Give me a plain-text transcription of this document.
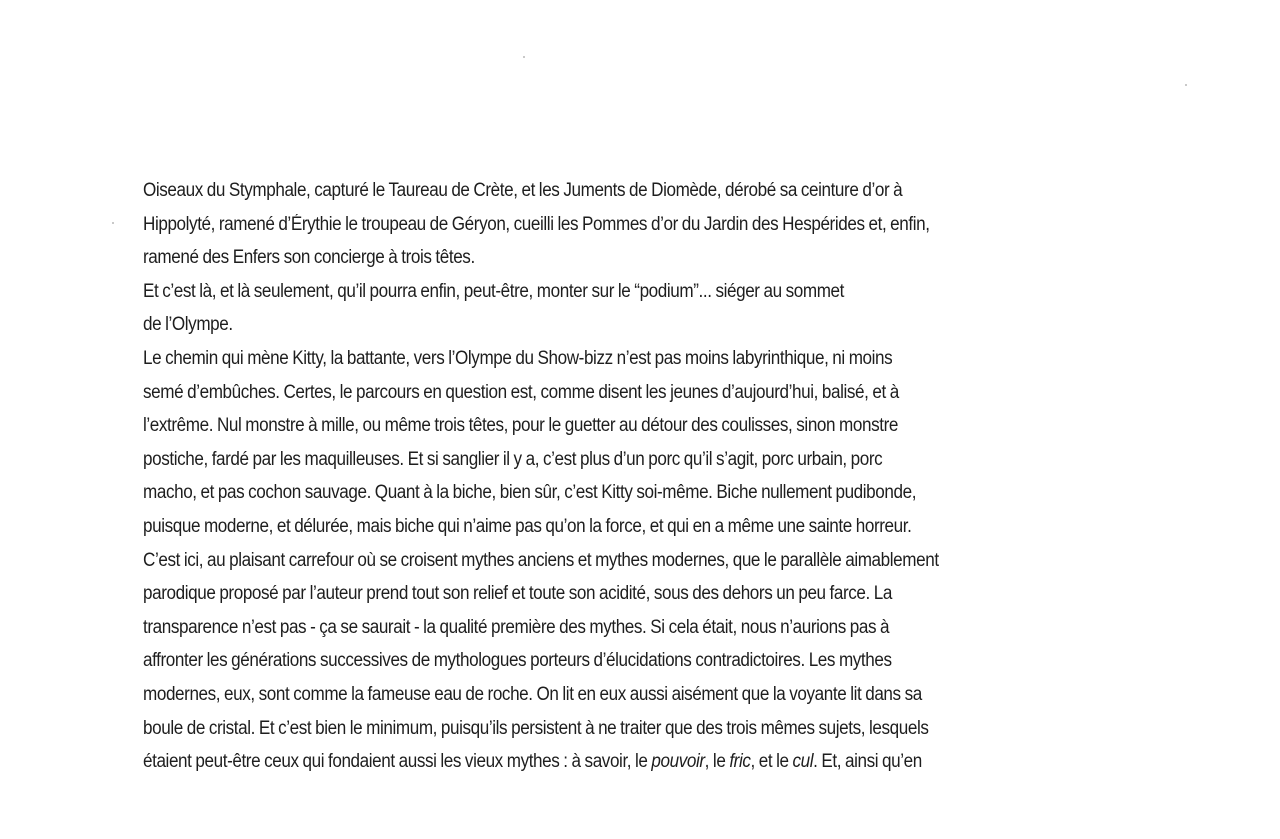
Oiseaux du Stymphale, capturé le Taureau de Crète, et les Juments de Diomède, dérobé sa ceinture d’or à
Hippolyté, ramené d’Érythie le troupeau de Géryon, cueilli les Pommes d’or du Jardin des Hespérides et, enfin,
ramené des Enfers son concierge à trois têtes.
Et c’est là, et là seulement, qu’il pourra enfin, peut-être, monter sur le “podium”... siéger au sommet
de l’Olympe.
Le chemin qui mène Kitty, la battante, vers l’Olympe du Show-bizz n’est pas moins labyrinthique, ni moins
semé d’embûches. Certes, le parcours en question est, comme disent les jeunes d’aujourd’hui, balisé, et à
l’extrême. Nul monstre à mille, ou même trois têtes, pour le guetter au détour des coulisses, sinon monstre
postiche, fardé par les maquilleuses. Et si sanglier il y a, c’est plus d’un porc qu’il s’agit, porc urbain, porc
macho, et pas cochon sauvage. Quant à la biche, bien sûr, c’est Kitty soi-même. Biche nullement pudibonde,
puisque moderne, et délurée, mais biche qui n’aime pas qu’on la force, et qui en a même une sainte horreur.
C’est ici, au plaisant carrefour où se croisent mythes anciens et mythes modernes, que le parallèle aimablement
parodique proposé par l’auteur prend tout son relief et toute son acidité, sous des dehors un peu farce. La
transparence n’est pas - ça se saurait - la qualité première des mythes. Si cela était, nous n’aurions pas à
affronter les générations successives de mythologues porteurs d’élucidations contradictoires. Les mythes
modernes, eux, sont comme la fameuse eau de roche. On lit en eux aussi aisément que la voyante lit dans sa
boule de cristal. Et c’est bien le minimum, puisqu’ils persistent à ne traiter que des trois mêmes sujets, lesquels
étaient peut-être ceux qui fondaient aussi les vieux mythes : à savoir, le pouvoir, le fric, et le cul. Et, ainsi qu’en
